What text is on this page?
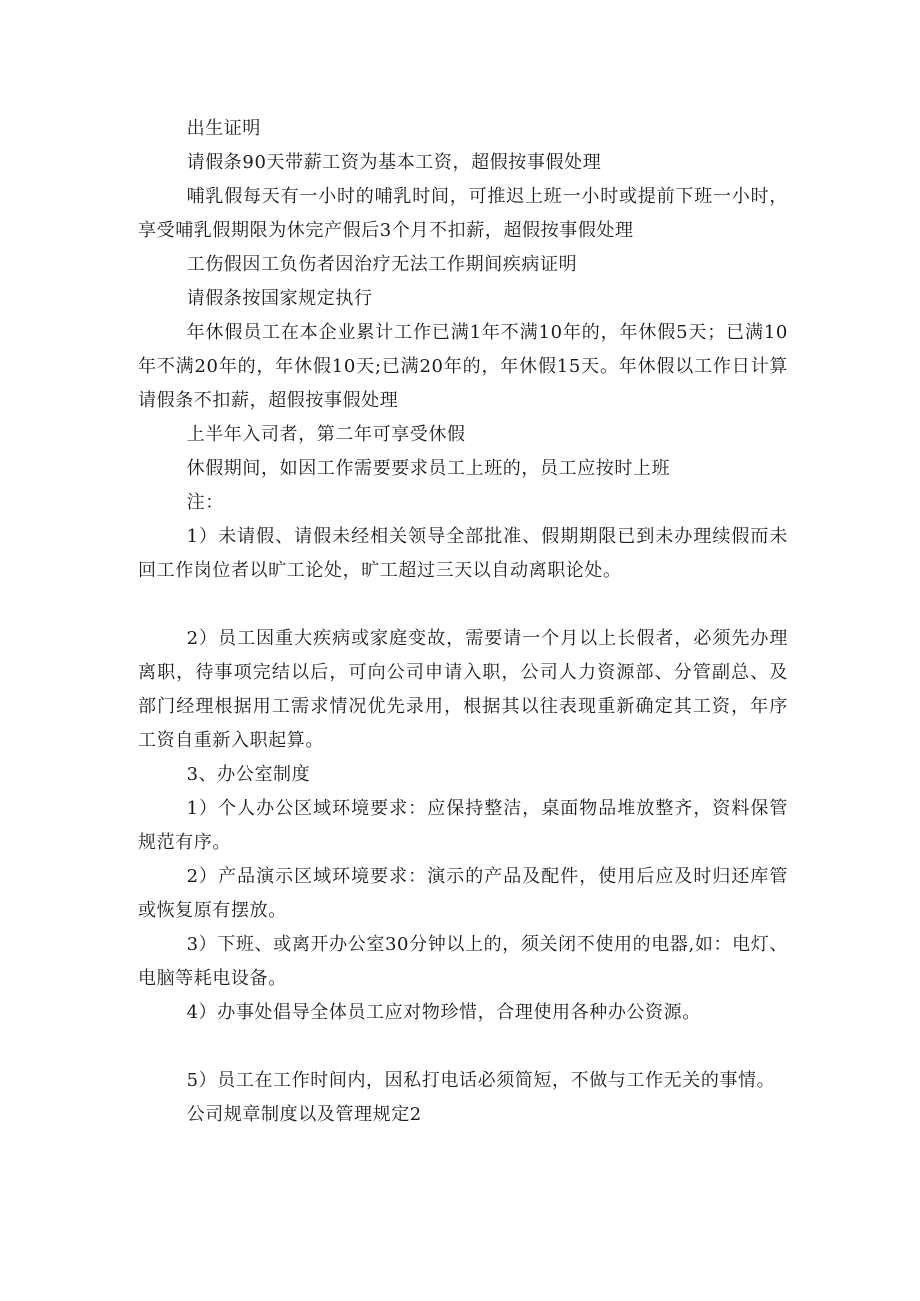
出生证明

请假条90天带薪工资为基本工资，超假按事假处理

哺乳假每天有一小时的哺乳时间，可推迟上班一小时或提前下班一小时，享受哺乳假期限为休完产假后3个月不扣薪，超假按事假处理

工伤假因工负伤者因治疗无法工作期间疾病证明

请假条按国家规定执行

年休假员工在本企业累计工作已满1年不满10年的，年休假5天；已满10年不满20年的，年休假10天;已满20年的，年休假15天。年休假以工作日计算请假条不扣薪，超假按事假处理

上半年入司者，第二年可享受休假

休假期间，如因工作需要要求员工上班的，员工应按时上班

注：

1）未请假、请假未经相关领导全部批准、假期期限已到未办理续假而未回工作岗位者以旷工论处，旷工超过三天以自动离职论处。

2）员工因重大疾病或家庭变故，需要请一个月以上长假者，必须先办理离职，待事项完结以后，可向公司申请入职，公司人力资源部、分管副总、及部门经理根据用工需求情况优先录用，根据其以往表现重新确定其工资，年序工资自重新入职起算。

3、办公室制度

1）个人办公区域环境要求：应保持整洁，桌面物品堆放整齐，资料保管规范有序。

2）产品演示区域环境要求：演示的产品及配件，使用后应及时归还库管或恢复原有摆放。

3）下班、或离开办公室30分钟以上的，须关闭不使用的电器,如：电灯、电脑等耗电设备。

4）办事处倡导全体员工应对物珍惜，合理使用各种办公资源。

5）员工在工作时间内，因私打电话必须简短，不做与工作无关的事情。

公司规章制度以及管理规定2
